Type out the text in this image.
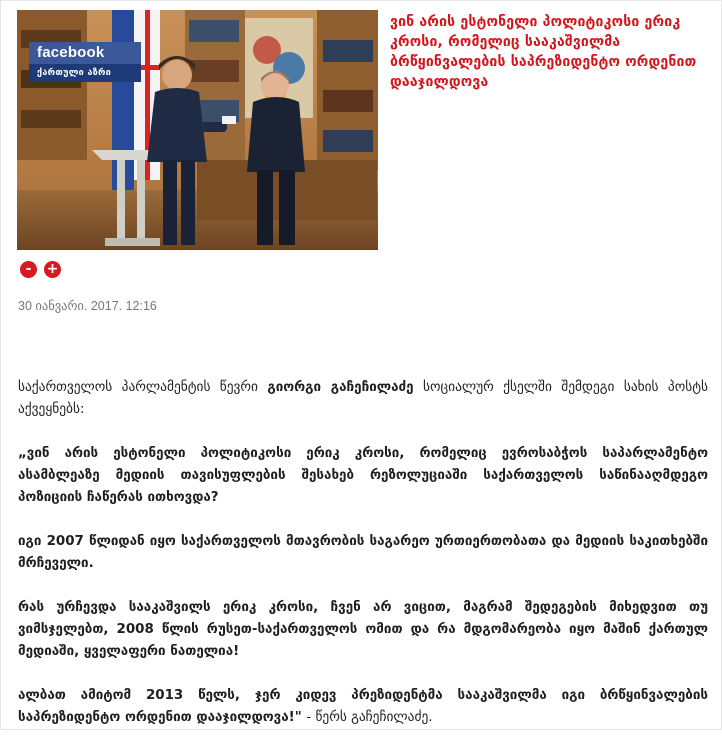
facebook
ქართული აზრი
ვინ არის ესტონელი პოლიტიკოსი ერიკ კროსი, რომელიც სააკაშვილმა ბრწყინვალების საპრეზიდენტო ორდენით დააჯილდოვა
-	+
30 იანვარი. 2017. 12:16

საქართველოს პარლამენტის წევრი გიორგი გაჩეჩილაძე სოციალურ ქსელში შემდეგი სახის პოსტს აქვეყნებს:

„ვინ არის ესტონელი პოლიტიკოსი ერიკ კროსი, რომელიც ევროსაბჭოს საპარლამენტო ასამბლეაზე მედიის თავისუფლების შესახებ რეზოლუციაში საქართველოს საწინააღმდეგო პოზიციის ჩაწერას ითხოვდა?

იგი 2007 წლიდან იყო საქართველოს მთავრობის საგარეო ურთიერთობათა და მედიის საკითხებში მრჩეველი.

რას ურჩევდა სააკაშვილს ერიკ კროსი, ჩვენ არ ვიცით, მაგრამ შედეგების მიხედვით თუ ვიმსჯელებთ, 2008 წლის რუსეთ-საქართველოს ომით და რა მდგომარეობა იყო მაშინ ქართულ მედიაში, ყველაფერი ნათელია!

ალბათ ამიტომ 2013 წელს, ჯერ კიდევ პრეზიდენტმა სააკაშვილმა იგი ბრწყინვალების საპრეზიდენტო ორდენით დააჯილდოვა!" - წერს გაჩეჩილაძე.
